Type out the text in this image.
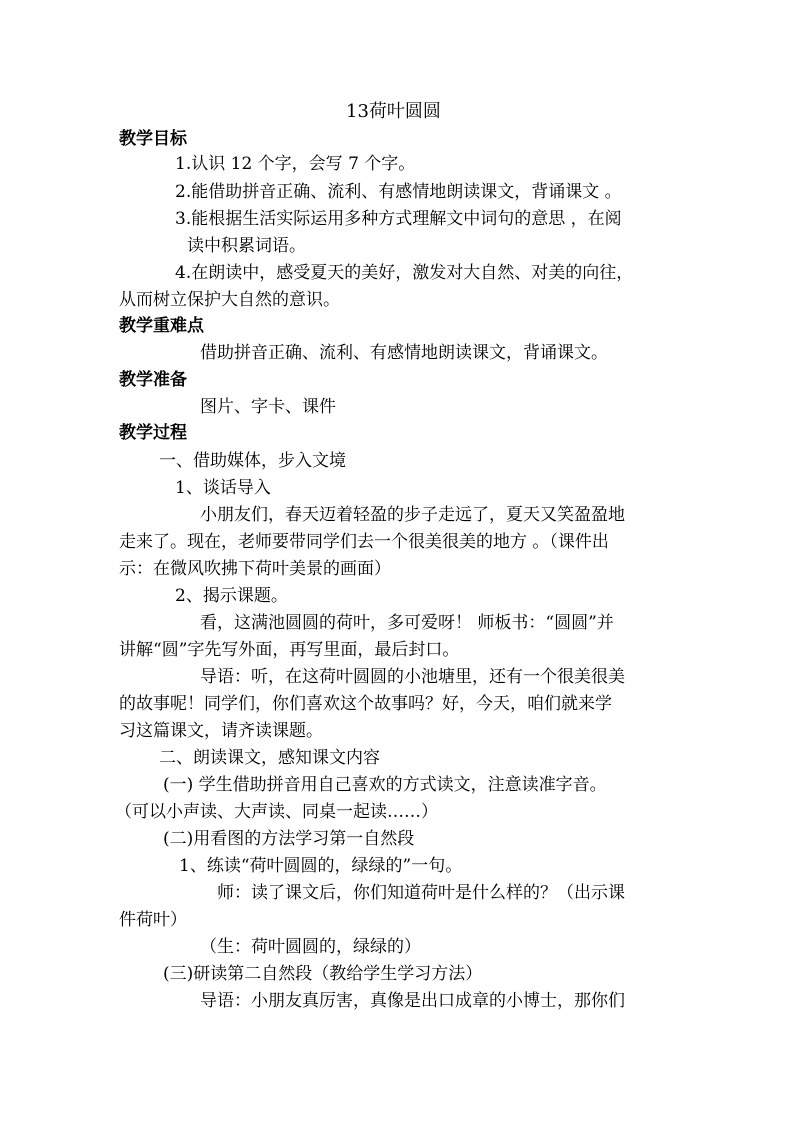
13荷叶圆圆
教学目标
1.认识 12 个字，会写 7 个字。
2.能借助拼音正确、流利、有感情地朗读课文，背诵课文 。
3.能根据生活实际运用多种方式理解文中词句的意思 ，在阅
读中积累词语。
4.在朗读中，感受夏天的美好，激发对大自然、对美的向往，
从而树立保护大自然的意识。
教学重难点
借助拼音正确、流利、有感情地朗读课文，背诵课文。
教学准备
图片、字卡、课件
教学过程
一、借助媒体，步入文境
1、谈话导入
小朋友们，春天迈着轻盈的步子走远了，夏天又笑盈盈地
走来了。现在，老师要带同学们去一个很美很美的地方 。（课件出
示：在微风吹拂下荷叶美景的画面）
2、揭示课题。
看，这满池圆圆的荷叶，多可爱呀！ 师板书：“圆圆”并
讲解“圆”字先写外面，再写里面，最后封口。
导语：听，在这荷叶圆圆的小池塘里，还有一个很美很美
的故事呢！同学们，你们喜欢这个故事吗？好，今天，咱们就来学
习这篇课文，请齐读课题。
二、朗读课文，感知课文内容
(一) 学生借助拼音用自己喜欢的方式读文，注意读准字音。
（可以小声读、大声读、同桌一起读……）
(二)用看图的方法学习第一自然段
1、练读“荷叶圆圆的，绿绿的”一句。
师：读了课文后，你们知道荷叶是什么样的？（出示课
件荷叶）
（生：荷叶圆圆的，绿绿的）
(三)研读第二自然段（教给学生学习方法）
导语：小朋友真厉害，真像是出口成章的小博士，那你们
